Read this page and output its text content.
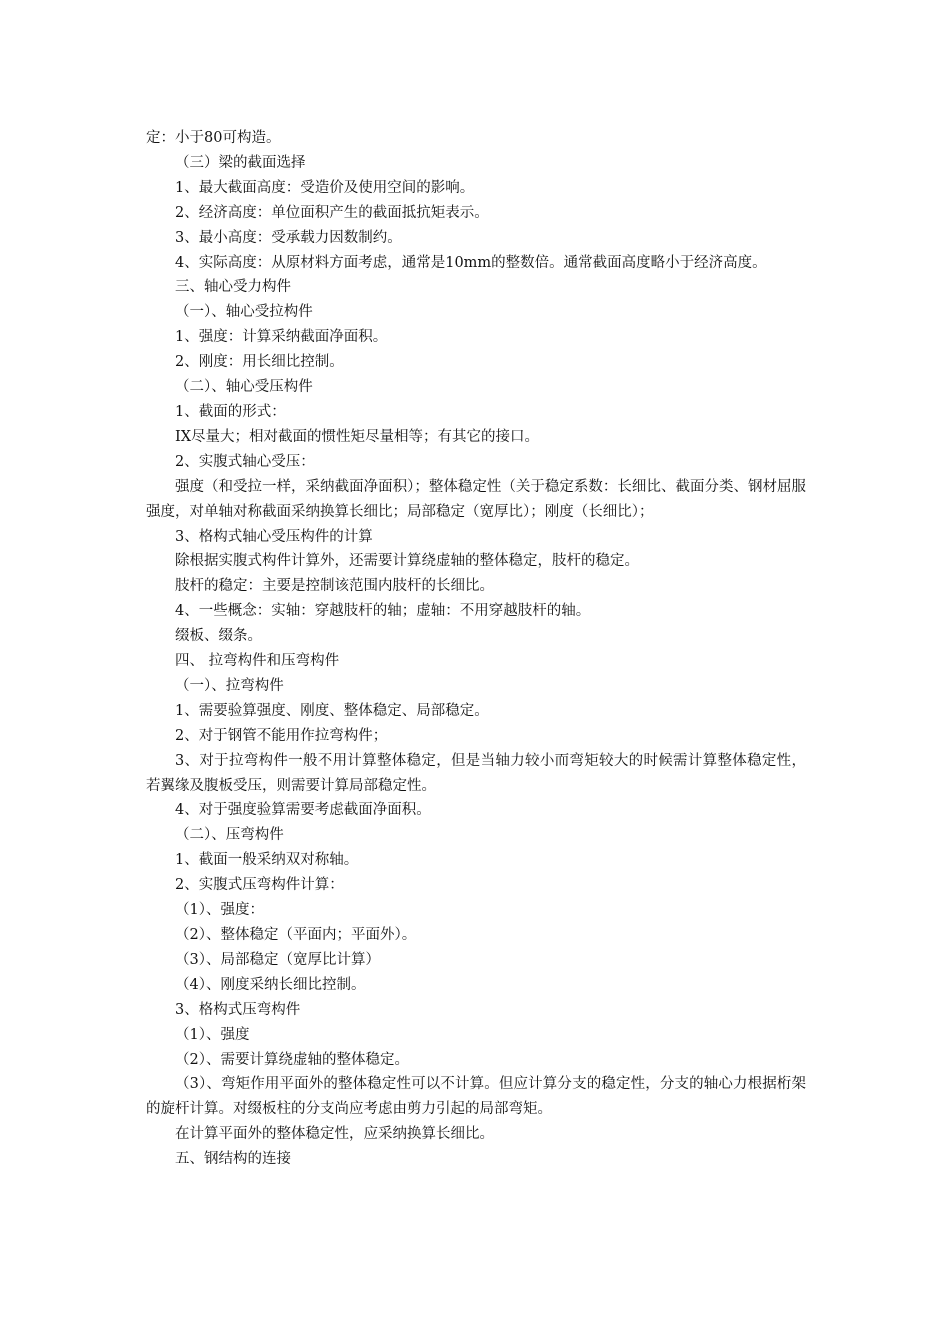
定：小于80可构造。

（三）梁的截面选择

1、最大截面高度：受造价及使用空间的影响。

2、经济高度：单位面积产生的截面抵抗矩表示。

3、最小高度：受承载力因数制约。

4、实际高度：从原材料方面考虑，通常是10mm的整数倍。通常截面高度略小于经济高度。

三、轴心受力构件

（一）、轴心受拉构件

1、强度：计算采纳截面净面积。

2、刚度：用长细比控制。

（二）、轴心受压构件

1、截面的形式：

IX尽量大；相对截面的惯性矩尽量相等；有其它的接口。

2、实腹式轴心受压：

强度（和受拉一样，采纳截面净面积）；整体稳定性（关于稳定系数：长细比、截面分类、钢材屈服强度，对单轴对称截面采纳换算长细比；局部稳定（宽厚比）；刚度（长细比）；

3、格构式轴心受压构件的计算

除根据实腹式构件计算外，还需要计算绕虚轴的整体稳定，肢杆的稳定。

肢杆的稳定：主要是控制该范围内肢杆的长细比。

4、一些概念：实轴：穿越肢杆的轴；虚轴：不用穿越肢杆的轴。

缀板、缀条。

四、 拉弯构件和压弯构件

（一）、拉弯构件

1、需要验算强度、刚度、整体稳定、局部稳定。

2、对于钢管不能用作拉弯构件；

3、对于拉弯构件一般不用计算整体稳定，但是当轴力较小而弯矩较大的时候需计算整体稳定性，若翼缘及腹板受压，则需要计算局部稳定性。

4、对于强度验算需要考虑截面净面积。

（二）、压弯构件

1、截面一般采纳双对称轴。

2、实腹式压弯构件计算：

（1）、强度：

（2）、整体稳定（平面内；平面外）。

（3）、局部稳定（宽厚比计算）

（4）、刚度采纳长细比控制。

3、格构式压弯构件

（1）、强度

（2）、需要计算绕虚轴的整体稳定。

（3）、弯矩作用平面外的整体稳定性可以不计算。但应计算分支的稳定性，分支的轴心力根据桁架的旋杆计算。对缀板柱的分支尚应考虑由剪力引起的局部弯矩。

在计算平面外的整体稳定性，应采纳换算长细比。

五、钢结构的连接
